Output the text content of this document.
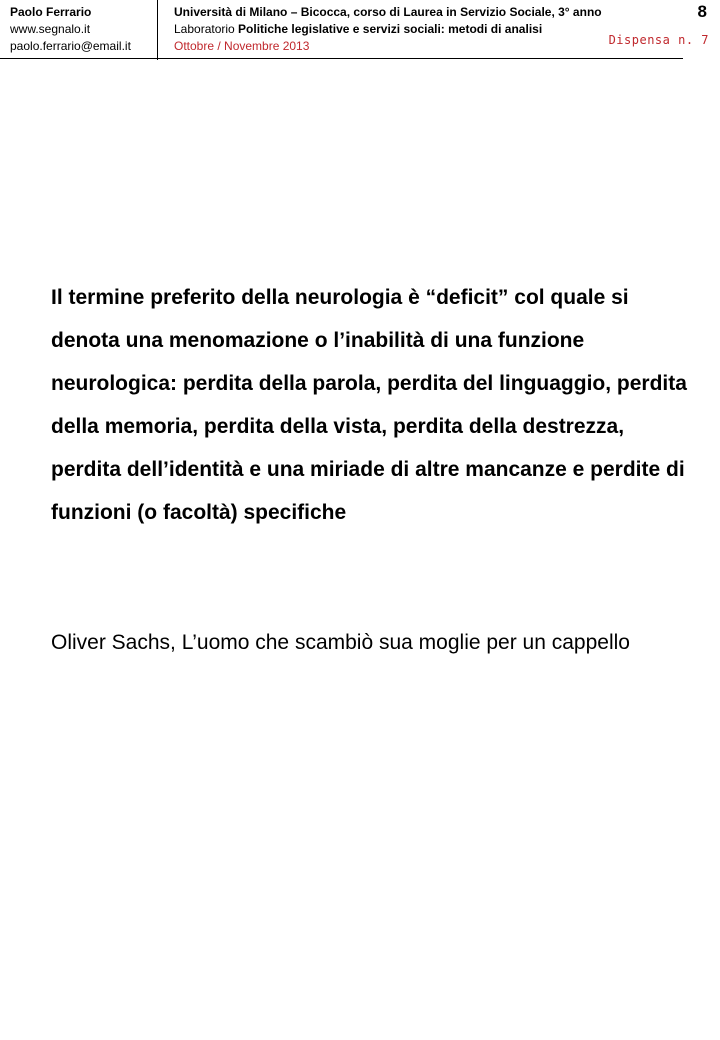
Paolo Ferrario
www.segnalo.it
paolo.ferrario@email.it
Università di Milano – Bicocca, corso di Laurea in Servizio Sociale, 3° anno
Laboratorio Politiche legislative e servizi sociali: metodi di analisi
Ottobre / Novembre 2013
8
Dispensa n. 7
Il termine preferito della neurologia è “deficit” col quale si denota una menomazione o l’inabilità di una funzione neurologica: perdita della parola, perdita del linguaggio, perdita della memoria, perdita della vista, perdita della destrezza, perdita dell’identità e una miriade di altre mancanze e perdite di funzioni (o facoltà) specifiche
Oliver Sachs, L’uomo che scambiò sua moglie per un cappello
